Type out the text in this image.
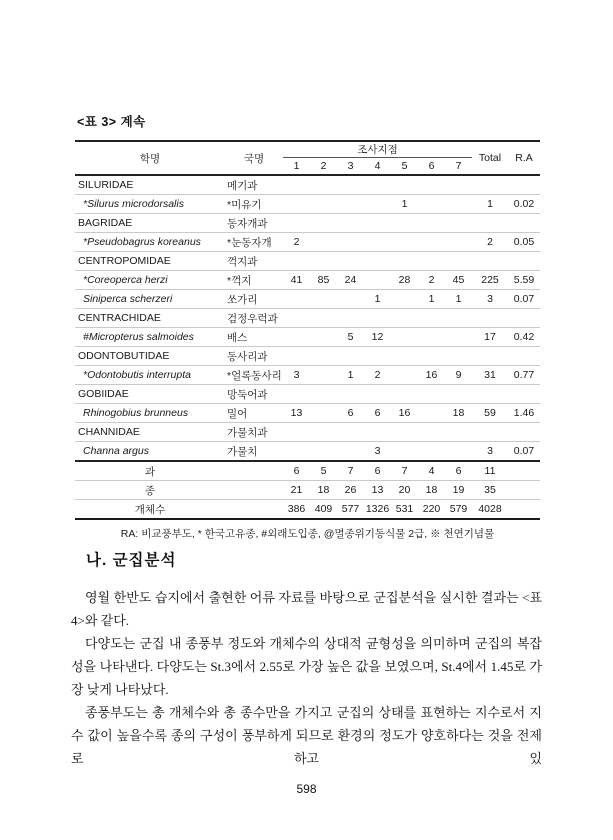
<표 3> 계속
학명	국명	조사지점							Total	R.A
		1	2	3	4	5	6	7		
SILURIDAE	메기과									
*Silurus microdorsalis	*미유기					1			1	0.02
BAGRIDAE	동자개과									
*Pseudobagrus koreanus	*눈동자개	2							2	0.05
CENTROPOMIDAE	꺽지과									
*Coreoperca herzi	*꺽지	41	85	24		28	2	45	225	5.59
Siniperca scherzeri	쏘가리				1		1	1	3	0.07
CENTRACHIDAE	검정우럭과									
#Micropterus salmoides	배스			5	12				17	0.42
ODONTOBUTIDAE	동사리과									
*Odontobutis interrupta	*얼록동사리	3		1	2		16	9	31	0.77
GOBIIDAE	망둑어과									
Rhinogobius brunneus	밀어	13		6	6	16		18	59	1.46
CHANNIDAE	가물치과									
Channa argus	가물치				3				3	0.07
과		6	5	7	6	7	4	6	11	
종		21	18	26	13	20	18	19	35	
개체수		386	409	577	1326	531	220	579	4028	
RA: 비교풍부도, * 한국고유종, #외래도입종, @멸종위기동식물 2급, ※ 천연기념물
나. 군집분석

영월 한반도 습지에서 출현한 어류 자료를 바탕으로 군집분석을 실시한 결과는 <표 4>와 같다.

다양도는 군집 내 종풍부 정도와 개체수의 상대적 균형성을 의미하며 군집의 복잡성을 나타낸다. 다양도는 St.3에서 2.55로 가장 높은 값을 보였으며, St.4에서 1.45로 가장 낮게 나타났다.

종풍부도는 총 개체수와 총 종수만을 가지고 군집의 상태를 표현하는 지수로서 지수 값이 높을수록 종의 구성이 풍부하게 되므로 환경의 정도가 양호하다는 것을 전제로 하고 있

598
